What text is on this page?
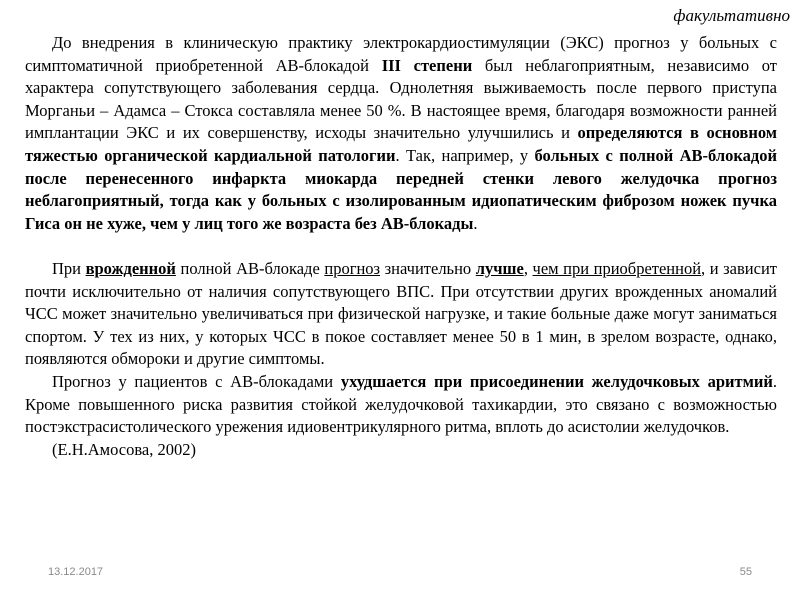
факультативно

До внедрения в клиническую практику электрокардиостимуляции (ЭКС) прогноз у больных с симптоматичной приобретенной АВ-блокадой III степени был неблагоприятным, независимо от характера сопутствующего заболевания сердца. Однолетняя выживаемость после первого приступа Морганьи – Адамса – Стокса составляла менее 50 %. В настоящее время, благодаря возможности ранней имплантации ЭКС и их совершенству, исходы значительно улучшились и определяются в основном тяжестью органической кардиальной патологии. Так, например, у больных с полной АВ-блокадой после перенесенного инфаркта миокарда передней стенки левого желудочка прогноз неблагоприятный, тогда как у больных с изолированным идиопатическим фиброзом ножек пучка Гиса он не хуже, чем у лиц того же возраста без АВ-блокады.

При врожденной полной АВ-блокаде прогноз значительно лучше, чем при приобретенной, и зависит почти исключительно от наличия сопутствующего ВПС. При отсутствии других врожденных аномалий ЧСС может значительно увеличиваться при физической нагрузке, и такие больные даже могут заниматься спортом. У тех из них, у которых ЧСС в покое составляет менее 50 в 1 мин, в зрелом возрасте, однако, появляются обмороки и другие симптомы.

Прогноз у пациентов с АВ-блокадами ухудшается при присоединении желудочковых аритмий. Кроме повышенного риска развития стойкой желудочковой тахикардии, это связано с возможностью постэкстрасистолического урежения идиовентрикулярного ритма, вплоть до асистолии желудочков.

(Е.Н.Амосова, 2002)

13.12.2017	55
